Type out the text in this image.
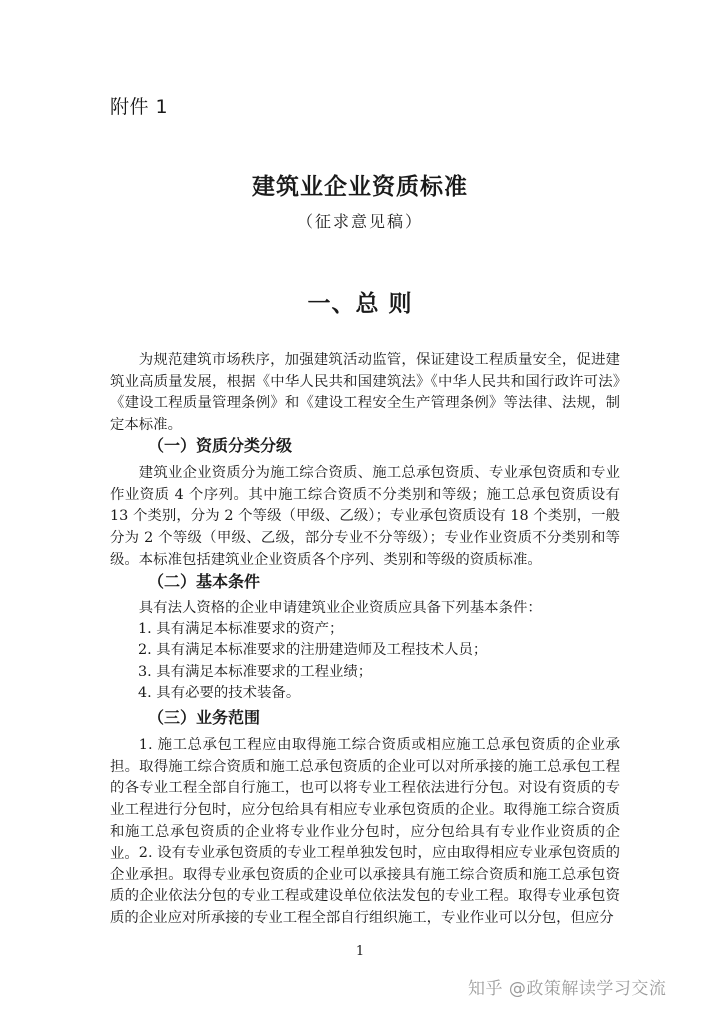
附件 1
建筑业企业资质标准
（征求意见稿）
一、总 则

为规范建筑市场秩序，加强建筑活动监管，保证建设工程质量安全，促进建筑业高质量发展，根据《中华人民共和国建筑法》《中华人民共和国行政许可法》《建设工程质量管理条例》和《建设工程安全生产管理条例》等法律、法规，制定本标准。

（一）资质分类分级

建筑业企业资质分为施工综合资质、施工总承包资质、专业承包资质和专业作业资质 4 个序列。其中施工综合资质不分类别和等级；施工总承包资质设有 13 个类别，分为 2 个等级（甲级、乙级）；专业承包资质设有 18 个类别，一般分为 2 个等级（甲级、乙级，部分专业不分等级）；专业作业资质不分类别和等级。本标准包括建筑业企业资质各个序列、类别和等级的资质标准。

（二）基本条件

具有法人资格的企业申请建筑业企业资质应具备下列基本条件：

1. 具有满足本标准要求的资产；
2. 具有满足本标准要求的注册建造师及工程技术人员；
3. 具有满足本标准要求的工程业绩；
4. 具有必要的技术装备。
（三）业务范围

1. 施工总承包工程应由取得施工综合资质或相应施工总承包资质的企业承担。取得施工综合资质和施工总承包资质的企业可以对所承接的施工总承包工程的各专业工程全部自行施工，也可以将专业工程依法进行分包。对设有资质的专业工程进行分包时，应分包给具有相应专业承包资质的企业。取得施工综合资质和施工总承包资质的企业将专业作业分包时，应分包给具有专业作业资质的企业。 2. 设有专业承包资质的专业工程单独发包时，应由取得相应专业承包资质的企业承担。取得专业承包资质的企业可以承接具有施工综合资质和施工总承包资质的企业依法分包的专业工程或建设单位依法发包的专业工程。取得专业承包资质的企业应对所承接的专业工程全部自行组织施工，专业作业可以分包，但应分

1
知乎 @政策解读学习交流
